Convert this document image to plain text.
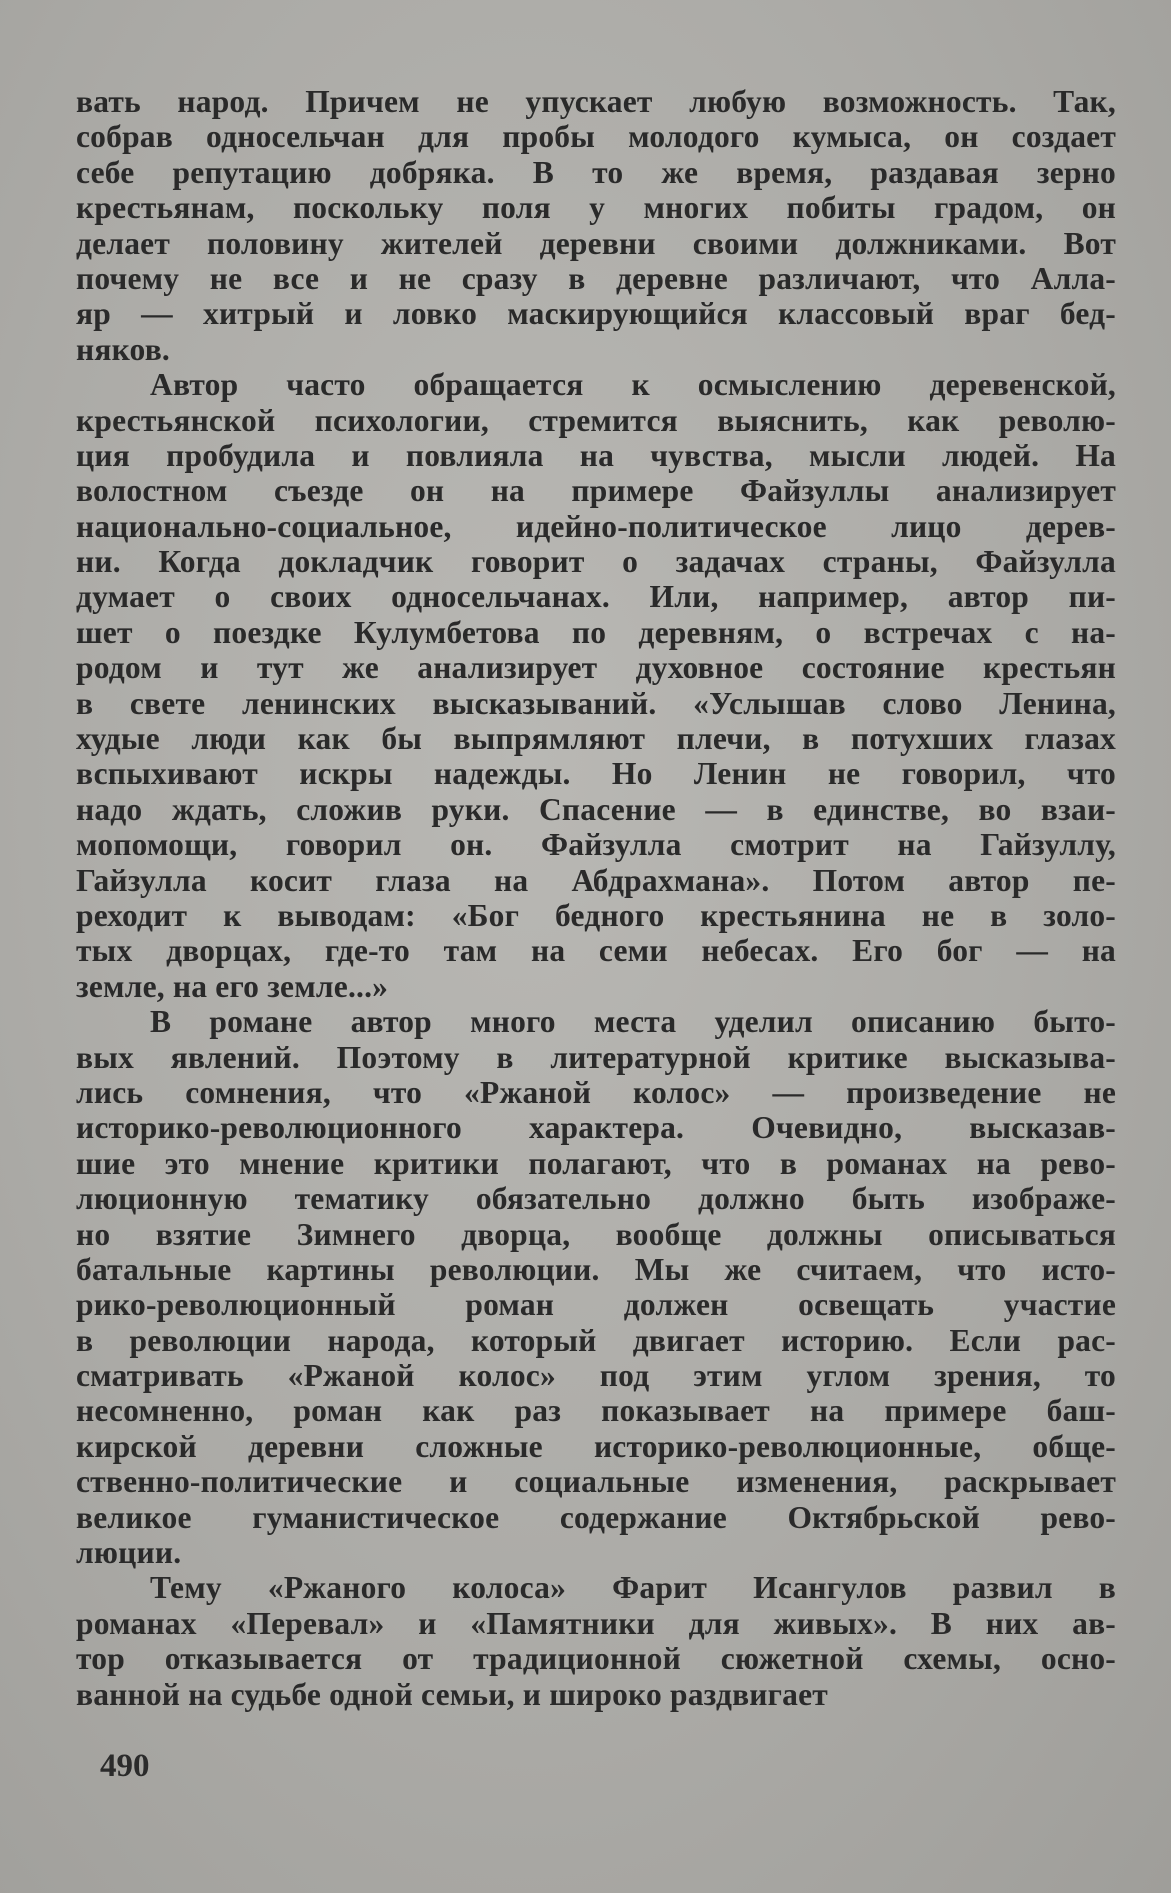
вать народ. Причем не упускает любую возможность. Так,
собрав односельчан для пробы молодого кумыса, он создает
себе репутацию добряка. В то же время, раздавая зерно
крестьянам, поскольку поля у многих побиты градом, он
делает половину жителей деревни своими должниками. Вот
почему не все и не сразу в деревне различают, что Алла-
яр — хитрый и ловко маскирующийся классовый враг бед-
няков.
Автор часто обращается к осмыслению деревенской,
крестьянской психологии, стремится выяснить, как револю-
ция пробудила и повлияла на чувства, мысли людей. На
волостном съезде он на примере Файзуллы анализирует
национально-социальное, идейно-политическое лицо дерев-
ни. Когда докладчик говорит о задачах страны, Файзулла
думает о своих односельчанах. Или, например, автор пи-
шет о поездке Кулумбетова по деревням, о встречах с на-
родом и тут же анализирует духовное состояние крестьян
в свете ленинских высказываний. «Услышав слово Ленина,
худые люди как бы выпрямляют плечи, в потухших глазах
вспыхивают искры надежды. Но Ленин не говорил, что
надо ждать, сложив руки. Спасение — в единстве, во взаи-
мопомощи, говорил он. Файзулла смотрит на Гайзуллу,
Гайзулла косит глаза на Абдрахмана». Потом автор пе-
реходит к выводам: «Бог бедного крестьянина не в золо-
тых дворцах, где-то там на семи небесах. Его бог — на
земле, на его земле...»
В романе автор много места уделил описанию быто-
вых явлений. Поэтому в литературной критике высказыва-
лись сомнения, что «Ржаной колос» — произведение не
историко-революционного характера. Очевидно, высказав-
шие это мнение критики полагают, что в романах на рево-
люционную тематику обязательно должно быть изображе-
но взятие Зимнего дворца, вообще должны описываться
батальные картины революции. Мы же считаем, что исто-
рико-революционный роман должен освещать участие
в революции народа, который двигает историю. Если рас-
сматривать «Ржаной колос» под этим углом зрения, то
несомненно, роман как раз показывает на примере баш-
кирской деревни сложные историко-революционные, обще-
ственно-политические и социальные изменения, раскрывает
великое гуманистическое содержание Октябрьской рево-
люции.
Тему «Ржаного колоса» Фарит Исангулов развил в
романах «Перевал» и «Памятники для живых». В них ав-
тор отказывается от традиционной сюжетной схемы, осно-
ванной на судьбе одной семьи, и широко раздвигает
490
